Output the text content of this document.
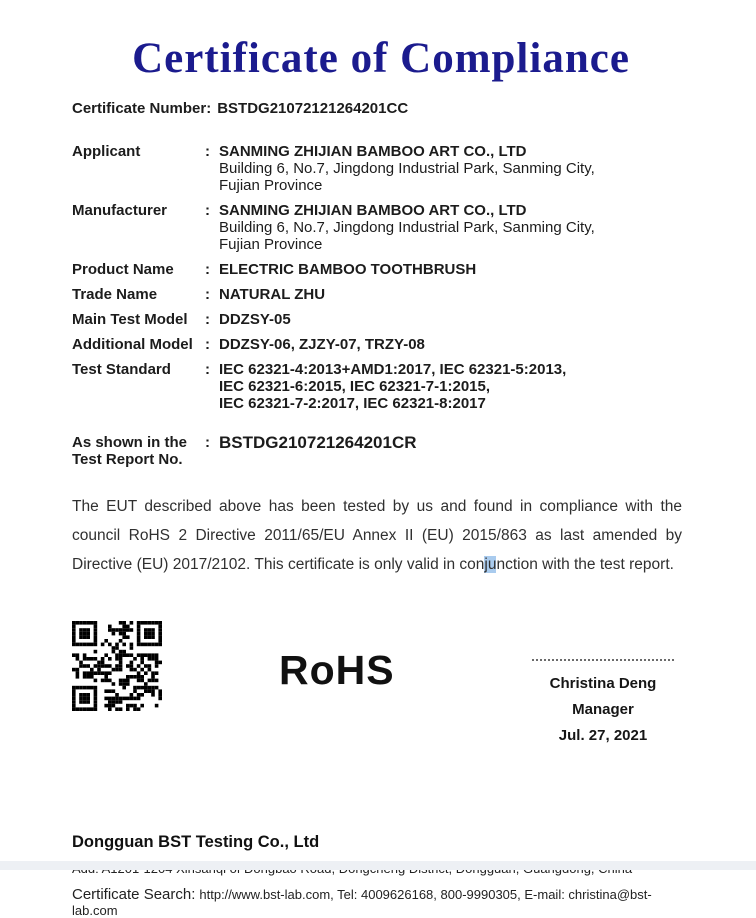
Certificate of Compliance
Certificate Number: BSTDG21072121264201CC
Applicant	: SANMING ZHIJIAN BAMBOO ART CO., LTD
Building 6, No.7, Jingdong Industrial Park, Sanming City,
Fujian Province
Manufacturer	: SANMING ZHIJIAN BAMBOO ART CO., LTD
Building 6, No.7, Jingdong Industrial Park, Sanming City,
Fujian Province
Product Name	: ELECTRIC BAMBOO TOOTHBRUSH
Trade Name	: NATURAL ZHU
Main Test Model	: DDZSY-05
Additional Model : DDZSY-06, ZJZY-07, TRZY-08
Test Standard	: IEC 62321-4:2013+AMD1:2017, IEC 62321-5:2013,
IEC 62321-6:2015, IEC 62321-7-1:2015,
IEC 62321-7-2:2017, IEC 62321-8:2017
As shown in the
Test Report No.
: BSTDG210721264201CR
The EUT described above has been tested by us and found in compliance with the council RoHS 2 Directive 2011/65/EU Annex II (EU) 2015/863 as last amended by Directive (EU) 2017/2102. This certificate is only valid in conjunction with the test report.
RoHS	Christina Deng
Manager
Jul. 27, 2021
Dongguan BST Testing Co., Ltd
Certificate Search: http://www.bst-lab.com, Tel: 4009626168, 800-9990305, E-mail: christina@bst-lab.com
